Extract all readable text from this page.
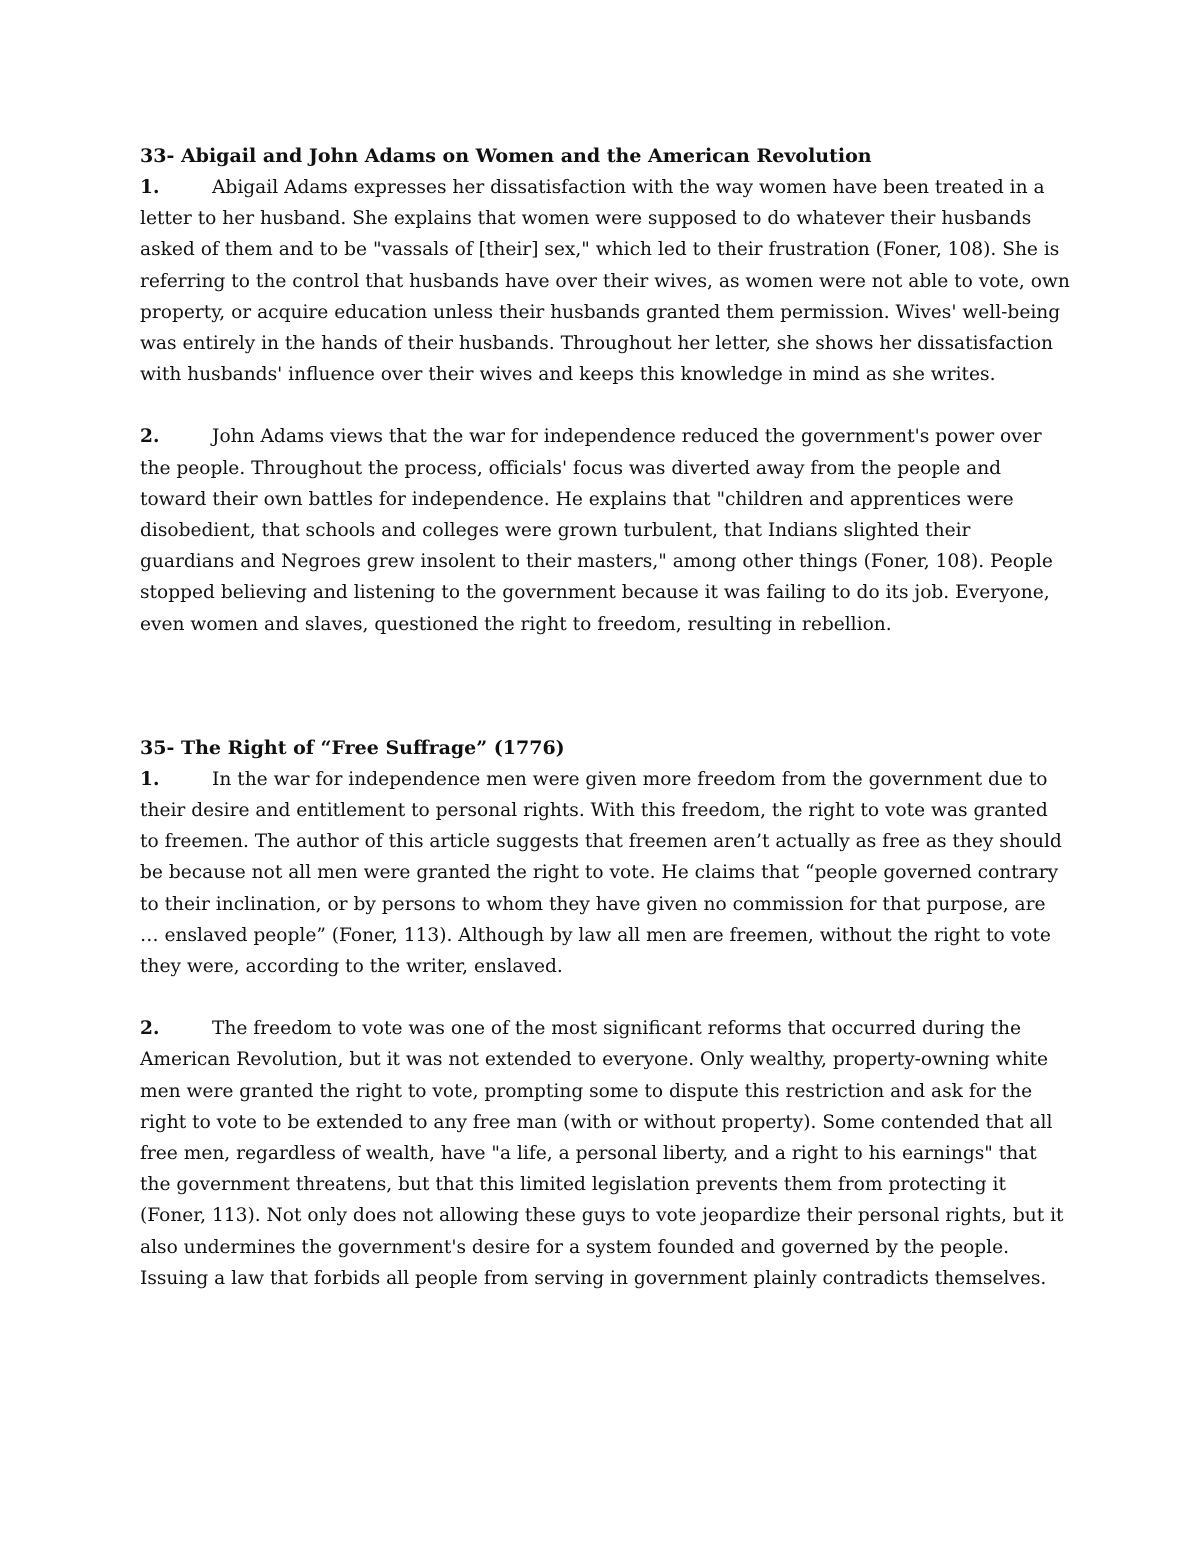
33- Abigail and John Adams on Women and the American Revolution

1.	Abigail Adams expresses her dissatisfaction with the way women have been treated in a letter to her husband. She explains that women were supposed to do whatever their husbands asked of them and to be "vassals of [their] sex," which led to their frustration (Foner, 108). She is referring to the control that husbands have over their wives, as women were not able to vote, own property, or acquire education unless their husbands granted them permission. Wives' well-being was entirely in the hands of their husbands. Throughout her letter, she shows her dissatisfaction with husbands' influence over their wives and keeps this knowledge in mind as she writes.

2.	John Adams views that the war for independence reduced the government's power over the people. Throughout the process, officials' focus was diverted away from the people and toward their own battles for independence. He explains that "children and apprentices were disobedient, that schools and colleges were grown turbulent, that Indians slighted their guardians and Negroes grew insolent to their masters," among other things (Foner, 108). People stopped believing and listening to the government because it was failing to do its job. Everyone, even women and slaves, questioned the right to freedom, resulting in rebellion.

35- The Right of “Free Suffrage” (1776)

1.	In the war for independence men were given more freedom from the government due to their desire and entitlement to personal rights. With this freedom, the right to vote was granted to freemen. The author of this article suggests that freemen aren’t actually as free as they should be because not all men were granted the right to vote. He claims that “people governed contrary to their inclination, or by persons to whom they have given no commission for that purpose, are … enslaved people” (Foner, 113). Although by law all men are freemen, without the right to vote they were, according to the writer, enslaved.

2.	The freedom to vote was one of the most significant reforms that occurred during the American Revolution, but it was not extended to everyone. Only wealthy, property-owning white men were granted the right to vote, prompting some to dispute this restriction and ask for the right to vote to be extended to any free man (with or without property). Some contended that all free men, regardless of wealth, have "a life, a personal liberty, and a right to his earnings" that the government threatens, but that this limited legislation prevents them from protecting it (Foner, 113). Not only does not allowing these guys to vote jeopardize their personal rights, but it also undermines the government's desire for a system founded and governed by the people. Issuing a law that forbids all people from serving in government plainly contradicts themselves.
